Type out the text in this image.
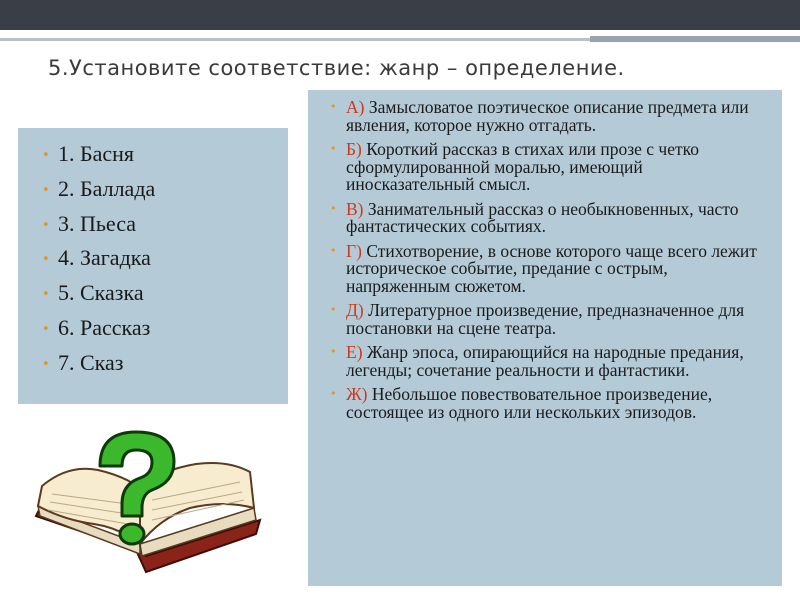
5.Установите соответствие: жанр – определение.
• 1. Басня
• 2. Баллада
• 3. Пьеса
• 4. Загадка
• 5. Сказка
• 6. Рассказ
• 7. Сказ
• А) Замысловатое поэтическое описание предмета или явления, которое нужно отгадать.
• Б) Короткий рассказ в стихах или прозе с четко сформулированной моралью, имеющий иносказательный смысл.
• В) Занимательный рассказ о необыкновенных, часто фантастических событиях.
• Г) Стихотворение, в основе которого чаще всего лежит историческое событие, предание с острым, напряженным сюжетом.
• Д) Литературное произведение, предназначенное для постановки на сцене театра.
• Е) Жанр эпоса, опирающийся на народные предания, легенды; сочетание реальности и фантастики.
• Ж) Небольшое повествовательное произведение, состоящее из одного или нескольких эпизодов.
